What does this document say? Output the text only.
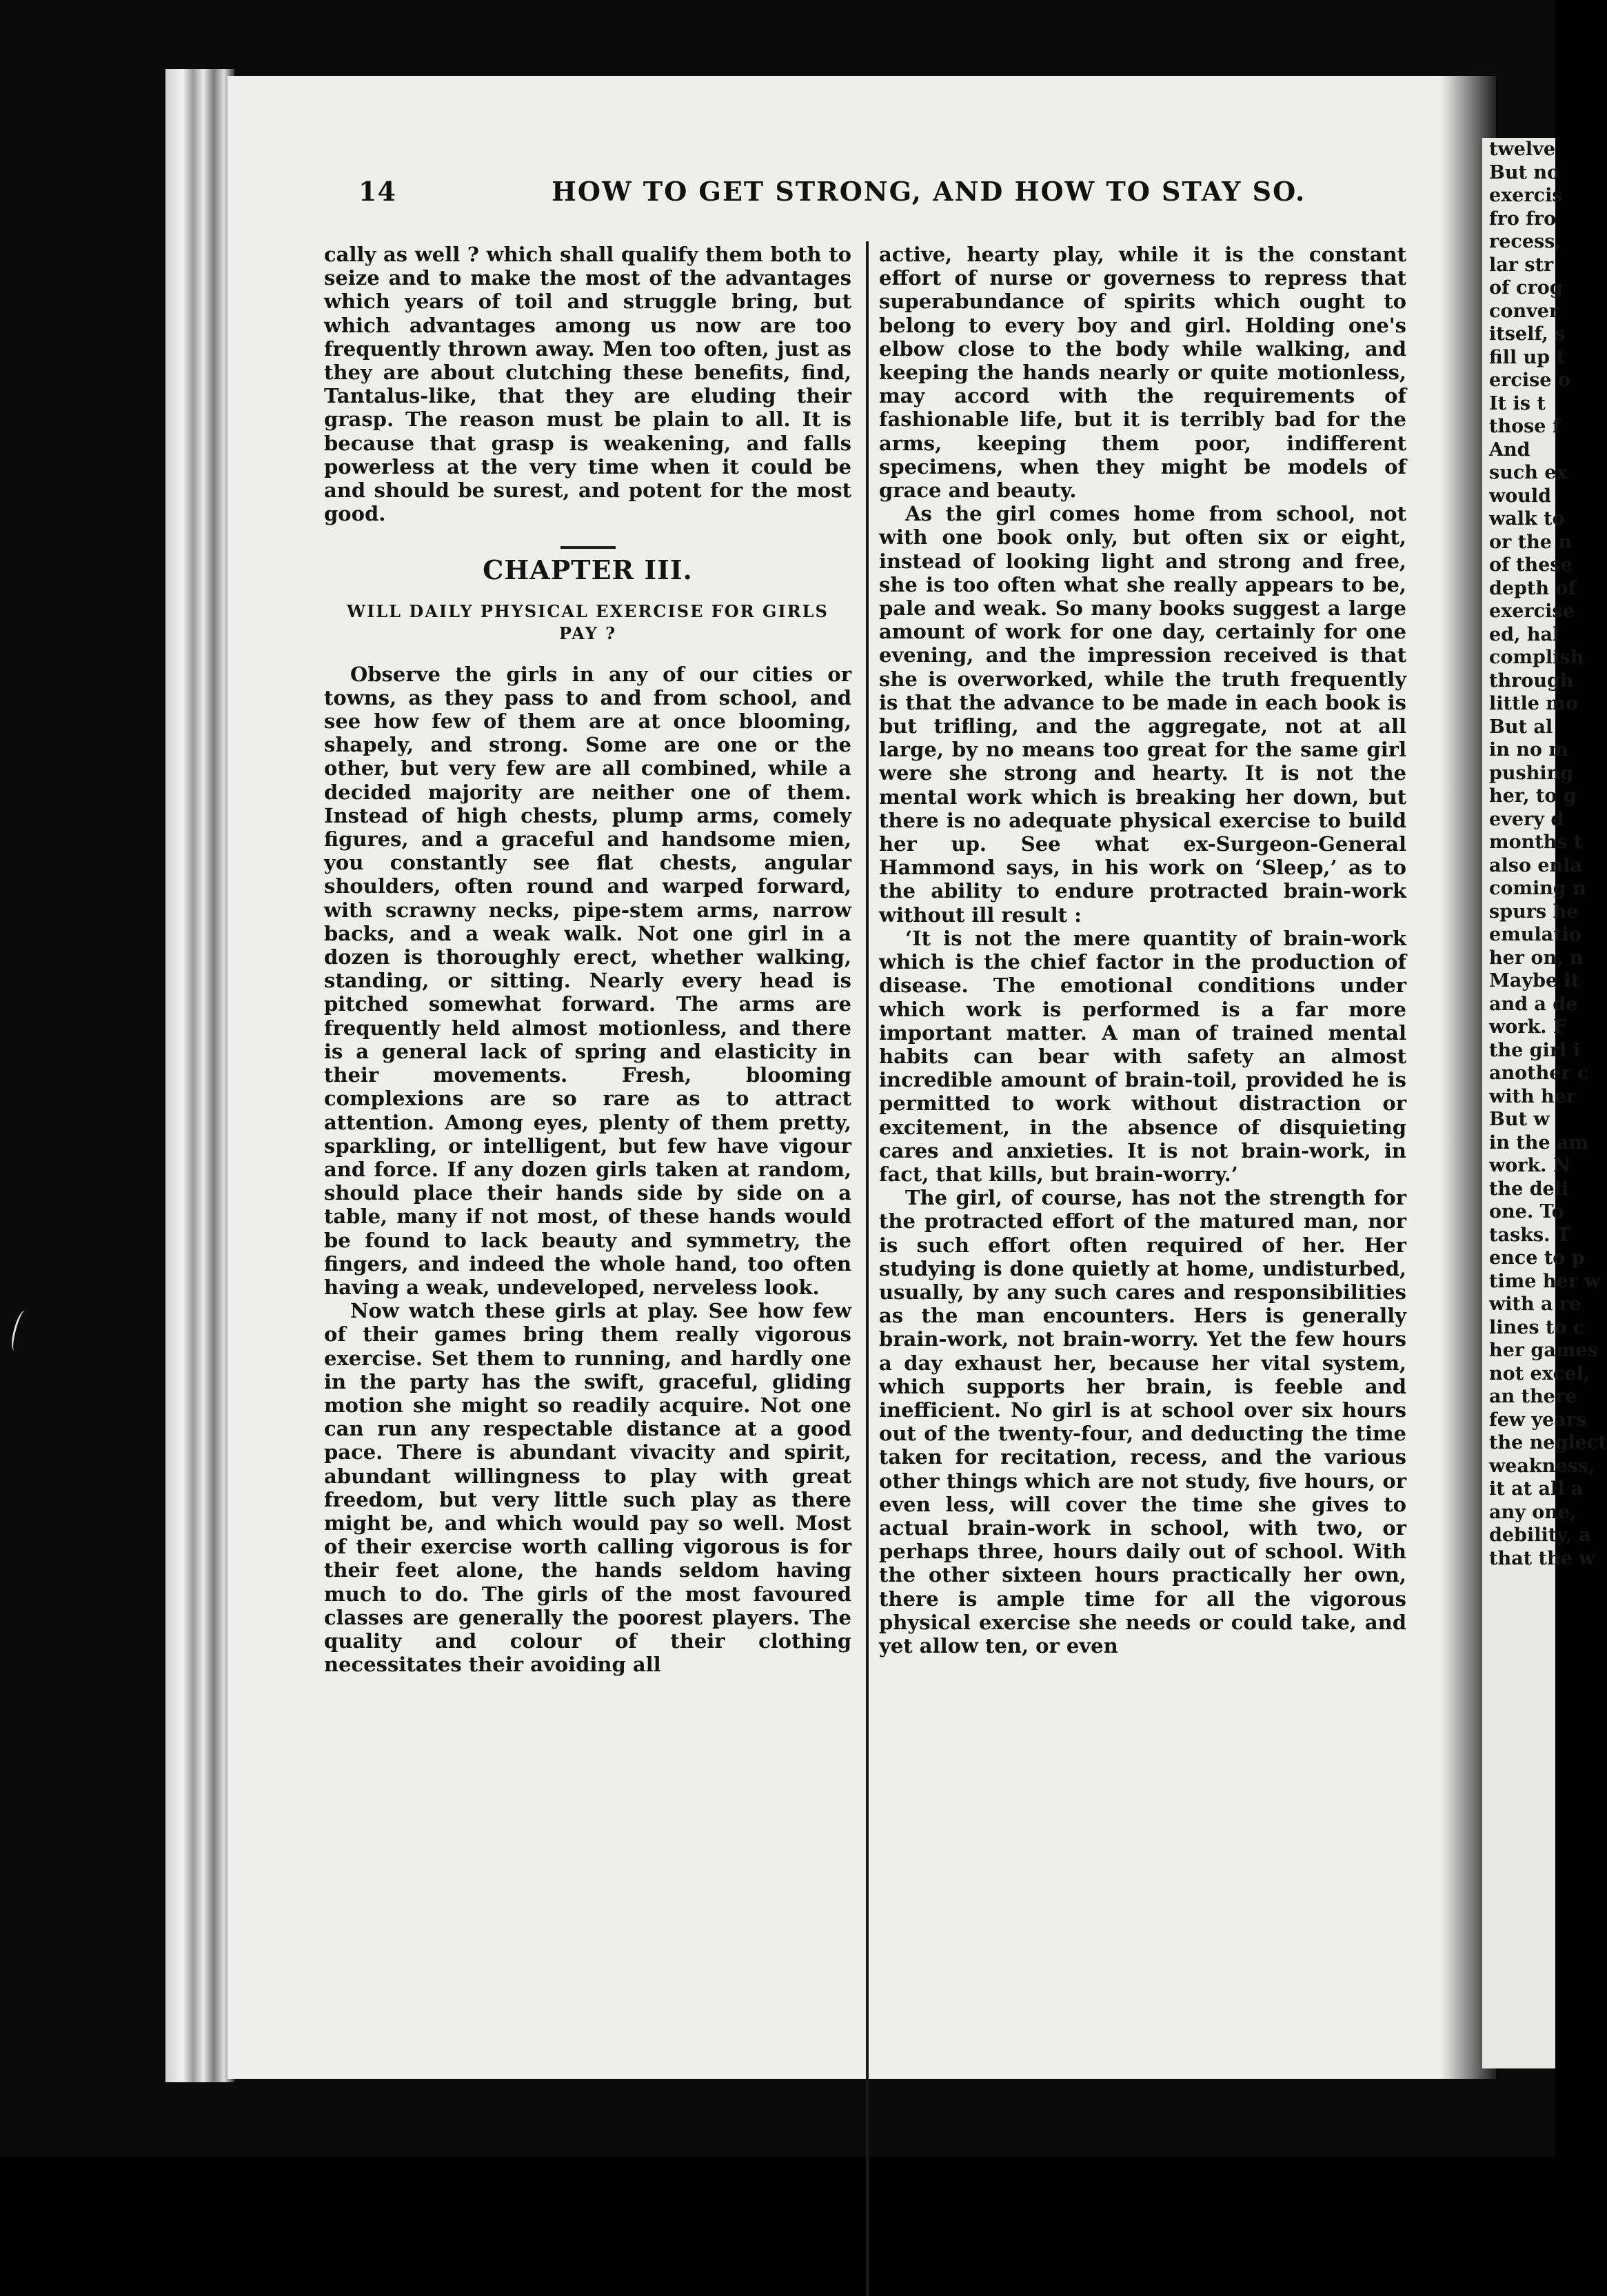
twelve
But no
exercis
fro fro
recess,
lar str
of crog
conver
itself, s
fill up t
ercise o
It is t
those f
And
such ex
would
walk to
or the n
of these
depth of
exercise
ed, hal
complish
through
little mo
But al
in no m
pushing
her, to g
every d
months t
also enla
coming n
spurs he
emulatio
her on, n
Maybe it
and a de
work. F
the girl i
another c
with her
But w
in the am
work. N
the deli
one. To
tasks. T
ence to p
time her w
with a re
lines to c
her games
not excel,
an there
few years
the neglect
weakness,
it at all a
any one,
debility, a
that the w
14	HOW TO GET STRONG, AND HOW TO STAY SO.

cally as well ? which shall qualify them both to seize and to make the most of the advantages which years of toil and struggle bring, but which advantages among us now are too frequently thrown away. Men too often, just as they are about clutching these benefits, find, Tantalus-like, that they are eluding their grasp. The reason must be plain to all. It is because that grasp is weakening, and falls powerless at the very time when it could be and should be surest, and potent for the most good.

CHAPTER III.
WILL DAILY PHYSICAL EXERCISE FOR GIRLS PAY ?

Observe the girls in any of our cities or towns, as they pass to and from school, and see how few of them are at once blooming, shapely, and strong. Some are one or the other, but very few are all combined, while a decided majority are neither one of them. Instead of high chests, plump arms, comely figures, and a graceful and handsome mien, you constantly see flat chests, angular shoulders, often round and warped forward, with scrawny necks, pipe-stem arms, narrow backs, and a weak walk. Not one girl in a dozen is thoroughly erect, whether walking, standing, or sitting. Nearly every head is pitched somewhat forward. The arms are frequently held almost motionless, and there is a general lack of spring and elasticity in their movements. Fresh, blooming complexions are so rare as to attract attention. Among eyes, plenty of them pretty, sparkling, or intelligent, but few have vigour and force. If any dozen girls taken at random, should place their hands side by side on a table, many if not most, of these hands would be found to lack beauty and symmetry, the fingers, and indeed the whole hand, too often having a weak, undeveloped, nerveless look.

Now watch these girls at play. See how few of their games bring them really vigorous exercise. Set them to running, and hardly one in the party has the swift, graceful, gliding motion she might so readily acquire. Not one can run any respectable distance at a good pace. There is abundant vivacity and spirit, abundant willingness to play with great freedom, but very little such play as there might be, and which would pay so well. Most of their exercise worth calling vigorous is for their feet alone, the hands seldom having much to do. The girls of the most favoured classes are generally the poorest players. The quality and colour of their clothing necessitates their avoiding all

active, hearty play, while it is the constant effort of nurse or governess to repress that superabundance of spirits which ought to belong to every boy and girl. Holding one's elbow close to the body while walking, and keeping the hands nearly or quite motionless, may accord with the requirements of fashionable life, but it is terribly bad for the arms, keeping them poor, indifferent specimens, when they might be models of grace and beauty.

As the girl comes home from school, not with one book only, but often six or eight, instead of looking light and strong and free, she is too often what she really appears to be, pale and weak. So many books suggest a large amount of work for one day, certainly for one evening, and the impression received is that she is overworked, while the truth frequently is that the advance to be made in each book is but trifling, and the aggregate, not at all large, by no means too great for the same girl were she strong and hearty. It is not the mental work which is breaking her down, but there is no adequate physical exercise to build her up. See what ex-Surgeon-General Hammond says, in his work on ‘Sleep,’ as to the ability to endure protracted brain-work without ill result :

‘It is not the mere quantity of brain-work which is the chief factor in the production of disease. The emotional conditions under which work is performed is a far more important matter. A man of trained mental habits can bear with safety an almost incredible amount of brain-toil, provided he is permitted to work without distraction or excitement, in the absence of disquieting cares and anxieties. It is not brain-work, in fact, that kills, but brain-worry.’

The girl, of course, has not the strength for the protracted effort of the matured man, nor is such effort often required of her. Her studying is done quietly at home, undisturbed, usually, by any such cares and responsibilities as the man encounters. Hers is generally brain-work, not brain-worry. Yet the few hours a day exhaust her, because her vital system, which supports her brain, is feeble and inefficient. No girl is at school over six hours out of the twenty-four, and deducting the time taken for recitation, recess, and the various other things which are not study, five hours, or even less, will cover the time she gives to actual brain-work in school, with two, or perhaps three, hours daily out of school. With the other sixteen hours practically her own, there is ample time for all the vigorous physical exercise she needs or could take, and yet allow ten, or even
